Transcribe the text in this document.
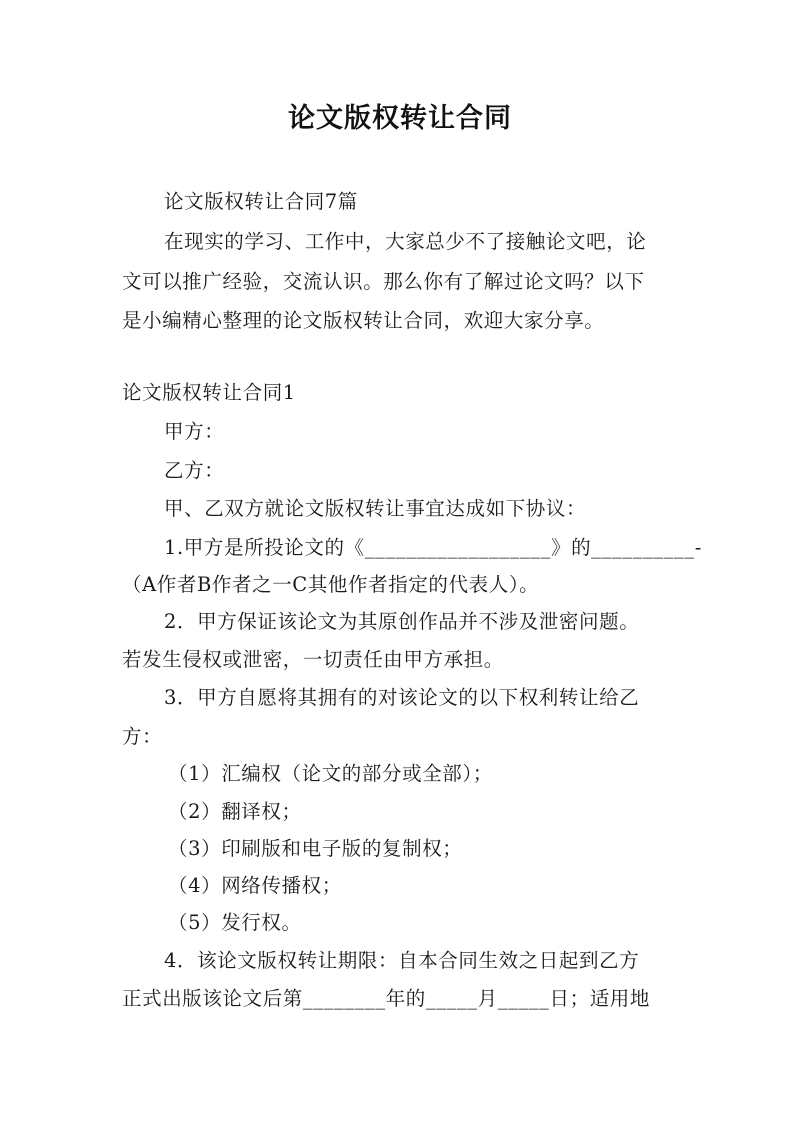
论文版权转让合同
论文版权转让合同7篇
在现实的学习、工作中，大家总少不了接触论文吧，论
文可以推广经验，交流认识。那么你有了解过论文吗？以下
是小编精心整理的论文版权转让合同，欢迎大家分享。
论文版权转让合同1
甲方：
乙方：
甲、乙双方就论文版权转让事宜达成如下协议：
1.甲方是所投论文的《__________________》的__________-
（A作者B作者之一C其他作者指定的代表人）。
2．甲方保证该论文为其原创作品并不涉及泄密问题。
若发生侵权或泄密，一切责任由甲方承担。
3．甲方自愿将其拥有的对该论文的以下权利转让给乙
方：
（1）汇编权（论文的部分或全部）；
（2）翻译权；
（3）印刷版和电子版的复制权；
（4）网络传播权；
（5）发行权。
4．该论文版权转让期限：自本合同生效之日起到乙方
正式出版该论文后第________年的_____月_____日；适用地
